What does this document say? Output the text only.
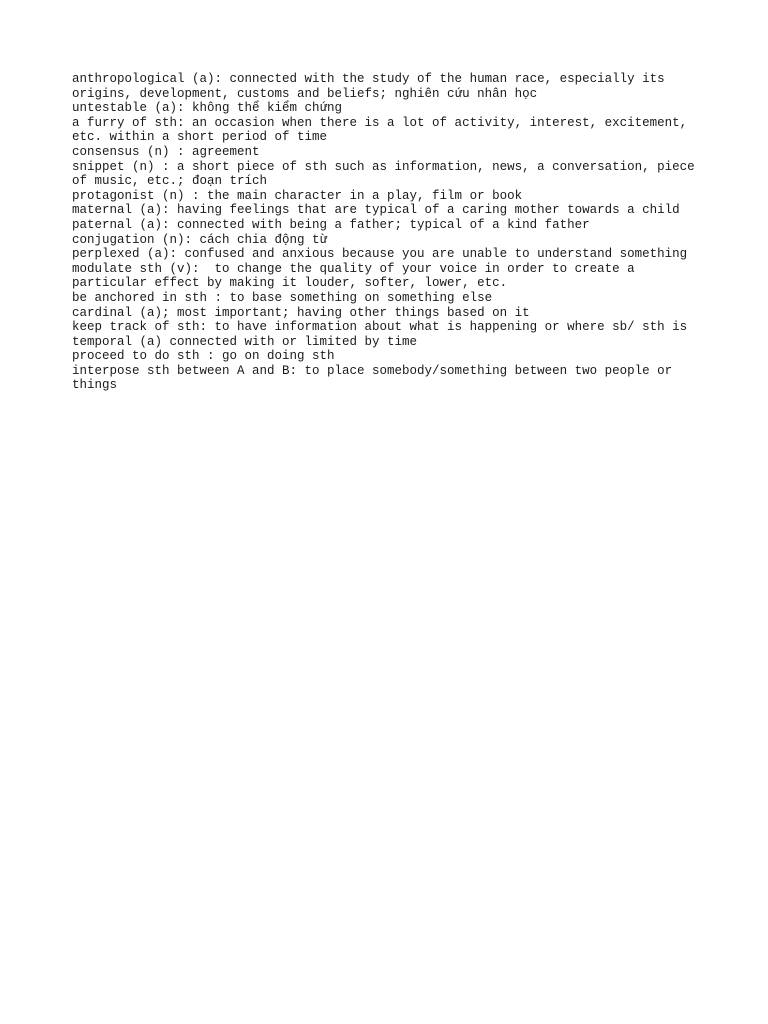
anthropological (a): connected with the study of the human race, especially its
origins, development, customs and beliefs; nghiên cứu nhân học
untestable (a): không thể kiểm chứng
a furry of sth: an occasion when there is a lot of activity, interest, excitement,
etc. within a short period of time
consensus (n) : agreement
snippet (n) : a short piece of sth such as information, news, a conversation, piece
of music, etc.; đoạn trích
protagonist (n) : the main character in a play, film or book
maternal (a): having feelings that are typical of a caring mother towards a child
paternal (a): connected with being a father; typical of a kind father
conjugation (n): cách chia động từ
perplexed (a): confused and anxious because you are unable to understand something
modulate sth (v):  to change the quality of your voice in order to create a
particular effect by making it louder, softer, lower, etc.
be anchored in sth : to base something on something else
cardinal (a); most important; having other things based on it
keep track of sth: to have information about what is happening or where sb/ sth is
temporal (a) connected with or limited by time
proceed to do sth : go on doing sth
interpose sth between A and B: to place somebody/something between two people or
things
